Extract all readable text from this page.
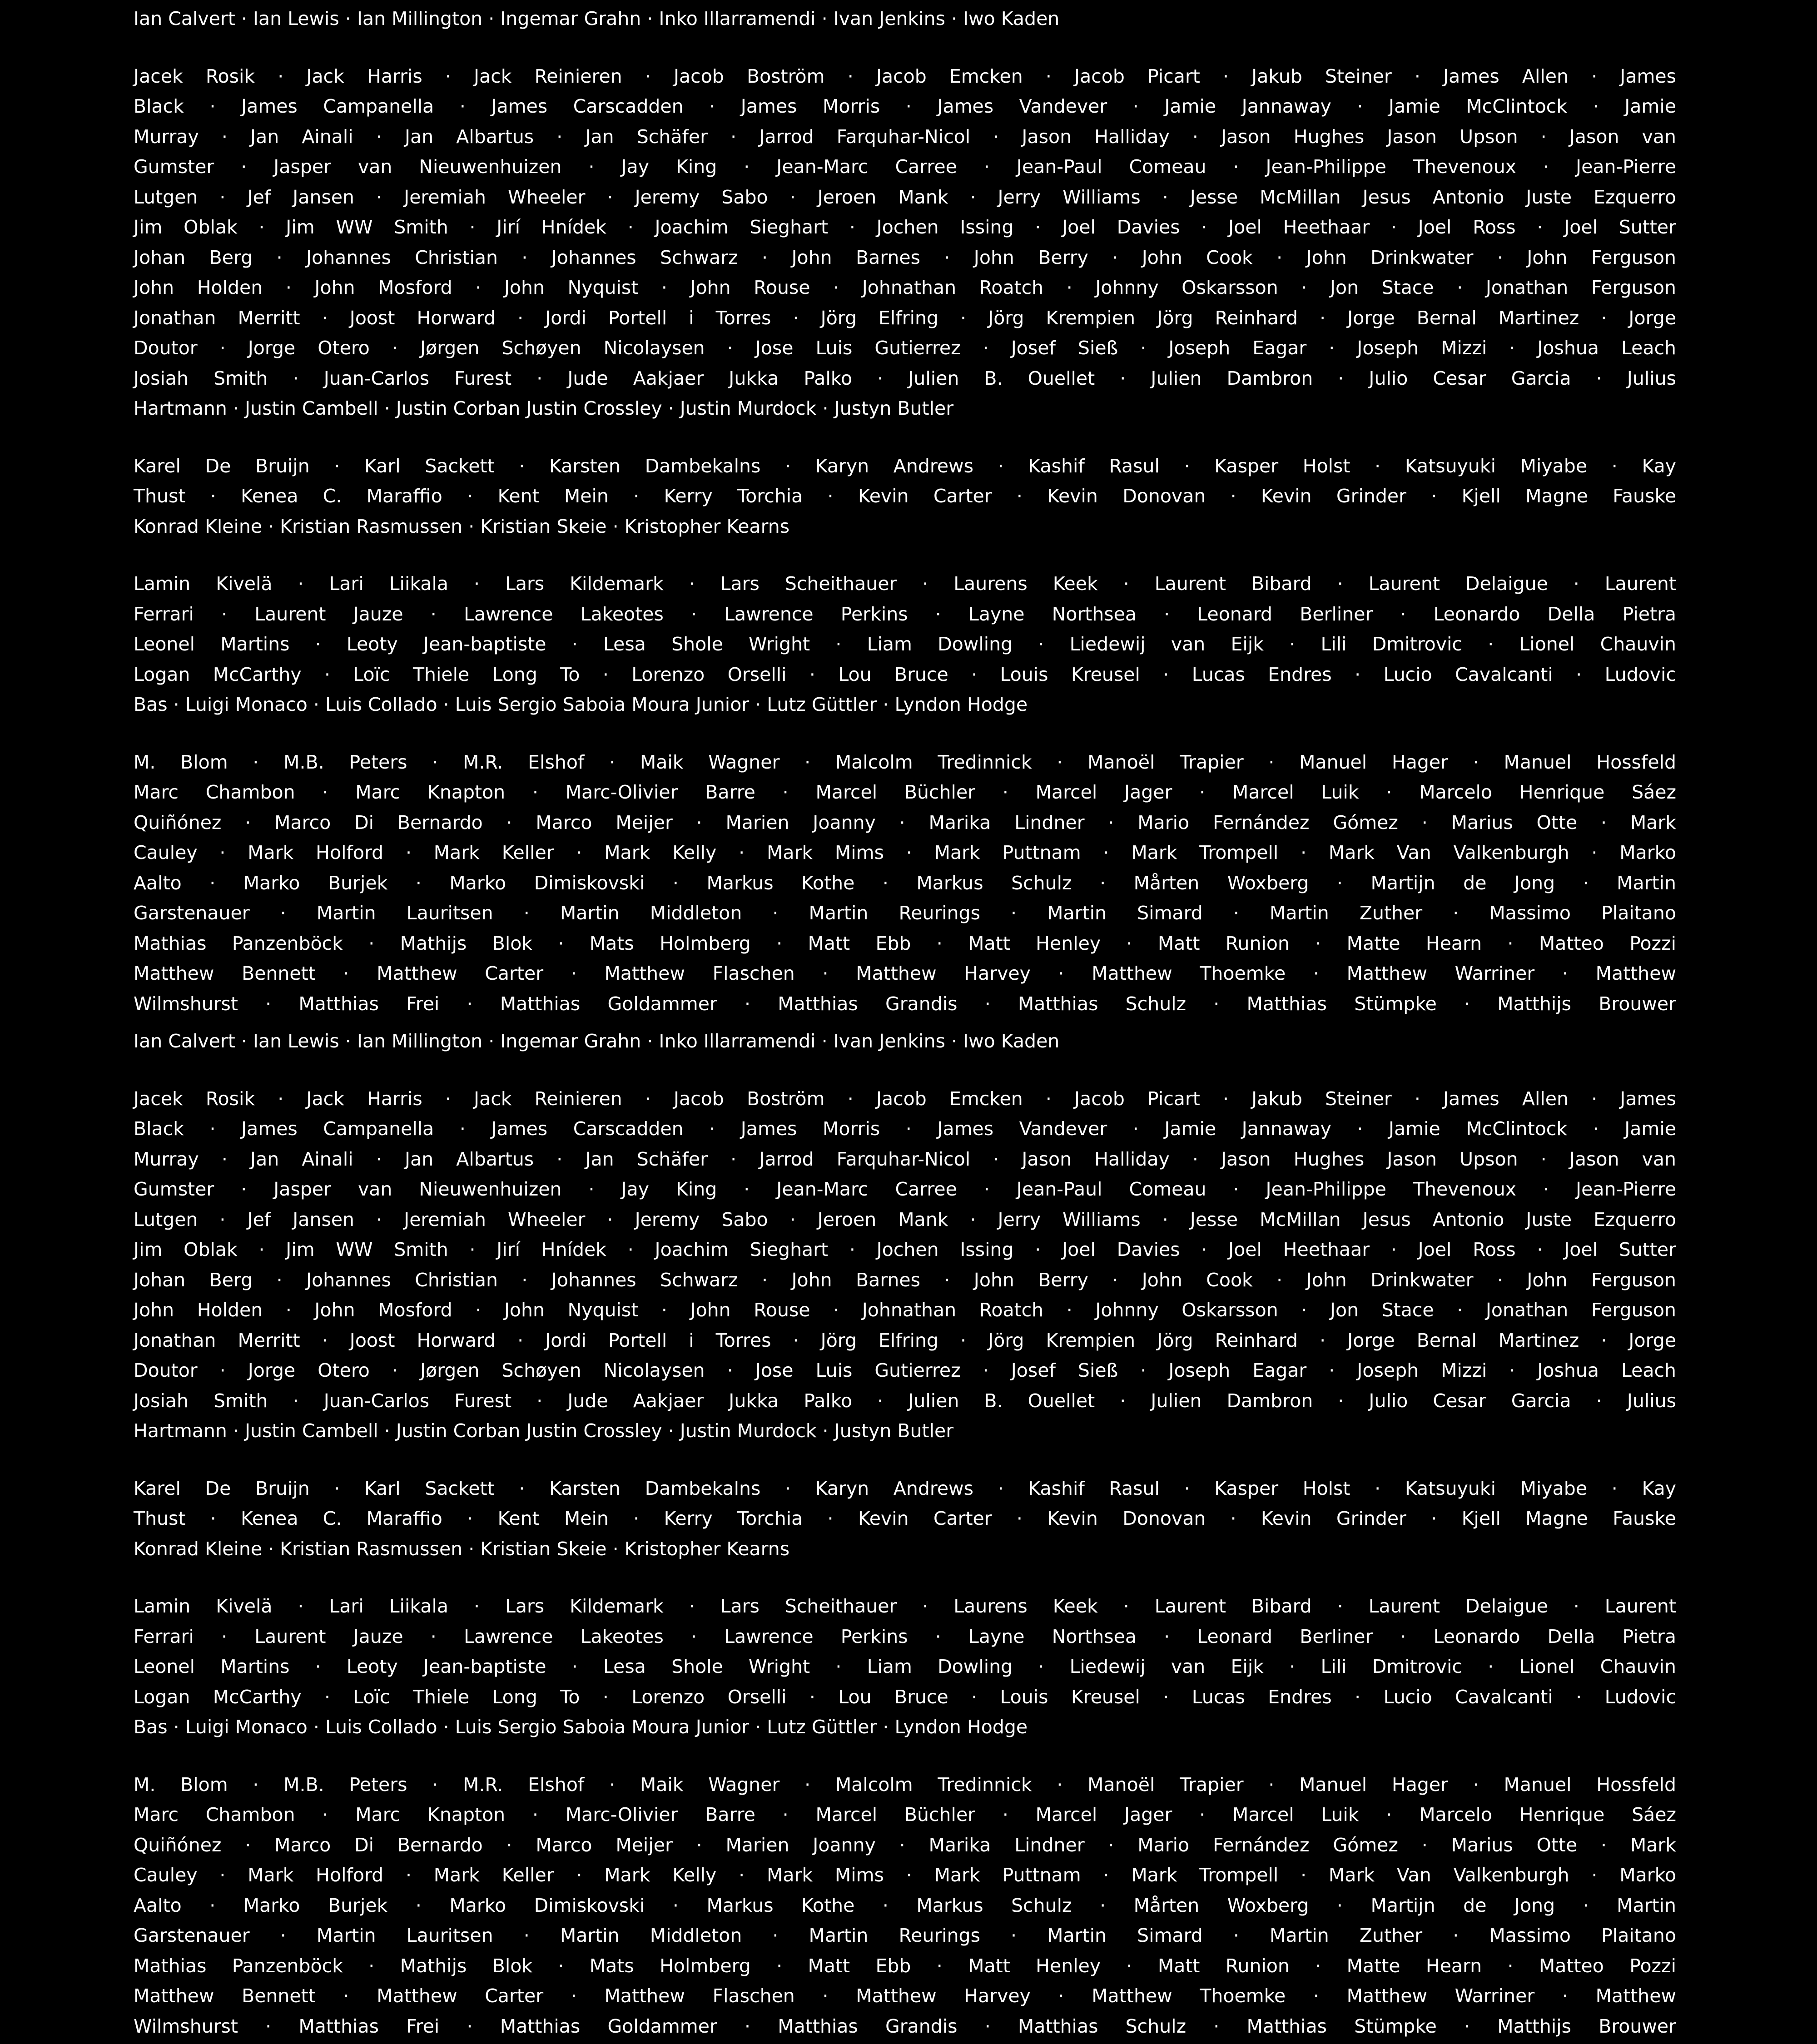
Ian Calvert · Ian Lewis · Ian Millington · Ingemar Grahn · Inko Illarramendi · Ivan Jenkins · Iwo Kaden
Jacek Rosik · Jack Harris · Jack Reinieren · Jacob Boström · Jacob Emcken · Jacob Picart · Jakub Steiner · James Allen · James
Black · James Campanella · James Carscadden · James Morris · James Vandever · Jamie Jannaway · Jamie McClintock · Jamie
Murray · Jan Ainali · Jan Albartus · Jan Schäfer · Jarrod Farquhar-Nicol · Jason Halliday · Jason Hughes Jason Upson · Jason van
Gumster · Jasper van Nieuwenhuizen · Jay King · Jean-Marc Carree · Jean-Paul Comeau · Jean-Philippe Thevenoux · Jean-Pierre
Lutgen · Jef Jansen · Jeremiah Wheeler · Jeremy Sabo · Jeroen Mank · Jerry Williams · Jesse McMillan Jesus Antonio Juste Ezquerro
Jim Oblak · Jim WW Smith · Jirí Hnídek · Joachim Sieghart · Jochen Issing · Joel Davies · Joel Heethaar · Joel Ross · Joel Sutter
Johan Berg · Johannes Christian · Johannes Schwarz · John Barnes · John Berry · John Cook · John Drinkwater · John Ferguson
John Holden · John Mosford · John Nyquist · John Rouse · Johnathan Roatch · Johnny Oskarsson · Jon Stace · Jonathan Ferguson
Jonathan Merritt · Joost Horward · Jordi Portell i Torres · Jörg Elfring · Jörg Krempien Jörg Reinhard · Jorge Bernal Martinez · Jorge
Doutor · Jorge Otero · Jørgen Schøyen Nicolaysen · Jose Luis Gutierrez · Josef Sieß · Joseph Eagar · Joseph Mizzi · Joshua Leach
Josiah Smith · Juan-Carlos Furest · Jude Aakjaer Jukka Palko · Julien B. Ouellet · Julien Dambron · Julio Cesar Garcia · Julius
Hartmann · Justin Cambell · Justin Corban Justin Crossley · Justin Murdock · Justyn Butler
Karel De Bruijn · Karl Sackett · Karsten Dambekalns · Karyn Andrews · Kashif Rasul · Kasper Holst · Katsuyuki Miyabe · Kay
Thust · Kenea C. Maraffio · Kent Mein · Kerry Torchia · Kevin Carter · Kevin Donovan · Kevin Grinder · Kjell Magne Fauske
Konrad Kleine · Kristian Rasmussen · Kristian Skeie · Kristopher Kearns
Lamin Kivelä · Lari Liikala · Lars Kildemark · Lars Scheithauer · Laurens Keek · Laurent Bibard · Laurent Delaigue · Laurent
Ferrari · Laurent Jauze · Lawrence Lakeotes · Lawrence Perkins · Layne Northsea · Leonard Berliner · Leonardo Della Pietra
Leonel Martins · Leoty Jean-baptiste · Lesa Shole Wright · Liam Dowling · Liedewij van Eijk · Lili Dmitrovic · Lionel Chauvin
Logan McCarthy · Loïc Thiele Long To · Lorenzo Orselli · Lou Bruce · Louis Kreusel · Lucas Endres · Lucio Cavalcanti · Ludovic
Bas · Luigi Monaco · Luis Collado · Luis Sergio Saboia Moura Junior · Lutz Güttler · Lyndon Hodge
M. Blom · M.B. Peters · M.R. Elshof · Maik Wagner · Malcolm Tredinnick · Manoël Trapier · Manuel Hager · Manuel Hossfeld
Marc Chambon · Marc Knapton · Marc-Olivier Barre · Marcel Büchler · Marcel Jager · Marcel Luik · Marcelo Henrique Sáez
Quiñónez · Marco Di Bernardo · Marco Meijer · Marien Joanny · Marika Lindner · Mario Fernández Gómez · Marius Otte · Mark
Cauley · Mark Holford · Mark Keller · Mark Kelly · Mark Mims · Mark Puttnam · Mark Trompell · Mark Van Valkenburgh · Marko
Aalto · Marko Burjek · Marko Dimiskovski · Markus Kothe · Markus Schulz · Mårten Woxberg · Martijn de Jong · Martin
Garstenauer · Martin Lauritsen · Martin Middleton · Martin Reurings · Martin Simard · Martin Zuther · Massimo Plaitano
Mathias Panzenböck · Mathijs Blok · Mats Holmberg · Matt Ebb · Matt Henley · Matt Runion · Matte Hearn · Matteo Pozzi
Matthew Bennett · Matthew Carter · Matthew Flaschen · Matthew Harvey · Matthew Thoemke · Matthew Warriner · Matthew
Wilmshurst · Matthias Frei · Matthias Goldammer · Matthias Grandis · Matthias Schulz · Matthias Stümpke · Matthijs Brouwer
Ian Calvert · Ian Lewis · Ian Millington · Ingemar Grahn · Inko Illarramendi · Ivan Jenkins · Iwo Kaden
Jacek Rosik · Jack Harris · Jack Reinieren · Jacob Boström · Jacob Emcken · Jacob Picart · Jakub Steiner · James Allen · James
Black · James Campanella · James Carscadden · James Morris · James Vandever · Jamie Jannaway · Jamie McClintock · Jamie
Murray · Jan Ainali · Jan Albartus · Jan Schäfer · Jarrod Farquhar-Nicol · Jason Halliday · Jason Hughes Jason Upson · Jason van
Gumster · Jasper van Nieuwenhuizen · Jay King · Jean-Marc Carree · Jean-Paul Comeau · Jean-Philippe Thevenoux · Jean-Pierre
Lutgen · Jef Jansen · Jeremiah Wheeler · Jeremy Sabo · Jeroen Mank · Jerry Williams · Jesse McMillan Jesus Antonio Juste Ezquerro
Jim Oblak · Jim WW Smith · Jirí Hnídek · Joachim Sieghart · Jochen Issing · Joel Davies · Joel Heethaar · Joel Ross · Joel Sutter
Johan Berg · Johannes Christian · Johannes Schwarz · John Barnes · John Berry · John Cook · John Drinkwater · John Ferguson
John Holden · John Mosford · John Nyquist · John Rouse · Johnathan Roatch · Johnny Oskarsson · Jon Stace · Jonathan Ferguson
Jonathan Merritt · Joost Horward · Jordi Portell i Torres · Jörg Elfring · Jörg Krempien Jörg Reinhard · Jorge Bernal Martinez · Jorge
Doutor · Jorge Otero · Jørgen Schøyen Nicolaysen · Jose Luis Gutierrez · Josef Sieß · Joseph Eagar · Joseph Mizzi · Joshua Leach
Josiah Smith · Juan-Carlos Furest · Jude Aakjaer Jukka Palko · Julien B. Ouellet · Julien Dambron · Julio Cesar Garcia · Julius
Hartmann · Justin Cambell · Justin Corban Justin Crossley · Justin Murdock · Justyn Butler
Karel De Bruijn · Karl Sackett · Karsten Dambekalns · Karyn Andrews · Kashif Rasul · Kasper Holst · Katsuyuki Miyabe · Kay
Thust · Kenea C. Maraffio · Kent Mein · Kerry Torchia · Kevin Carter · Kevin Donovan · Kevin Grinder · Kjell Magne Fauske
Konrad Kleine · Kristian Rasmussen · Kristian Skeie · Kristopher Kearns
Lamin Kivelä · Lari Liikala · Lars Kildemark · Lars Scheithauer · Laurens Keek · Laurent Bibard · Laurent Delaigue · Laurent
Ferrari · Laurent Jauze · Lawrence Lakeotes · Lawrence Perkins · Layne Northsea · Leonard Berliner · Leonardo Della Pietra
Leonel Martins · Leoty Jean-baptiste · Lesa Shole Wright · Liam Dowling · Liedewij van Eijk · Lili Dmitrovic · Lionel Chauvin
Logan McCarthy · Loïc Thiele Long To · Lorenzo Orselli · Lou Bruce · Louis Kreusel · Lucas Endres · Lucio Cavalcanti · Ludovic
Bas · Luigi Monaco · Luis Collado · Luis Sergio Saboia Moura Junior · Lutz Güttler · Lyndon Hodge
M. Blom · M.B. Peters · M.R. Elshof · Maik Wagner · Malcolm Tredinnick · Manoël Trapier · Manuel Hager · Manuel Hossfeld
Marc Chambon · Marc Knapton · Marc-Olivier Barre · Marcel Büchler · Marcel Jager · Marcel Luik · Marcelo Henrique Sáez
Quiñónez · Marco Di Bernardo · Marco Meijer · Marien Joanny · Marika Lindner · Mario Fernández Gómez · Marius Otte · Mark
Cauley · Mark Holford · Mark Keller · Mark Kelly · Mark Mims · Mark Puttnam · Mark Trompell · Mark Van Valkenburgh · Marko
Aalto · Marko Burjek · Marko Dimiskovski · Markus Kothe · Markus Schulz · Mårten Woxberg · Martijn de Jong · Martin
Garstenauer · Martin Lauritsen · Martin Middleton · Martin Reurings · Martin Simard · Martin Zuther · Massimo Plaitano
Mathias Panzenböck · Mathijs Blok · Mats Holmberg · Matt Ebb · Matt Henley · Matt Runion · Matte Hearn · Matteo Pozzi
Matthew Bennett · Matthew Carter · Matthew Flaschen · Matthew Harvey · Matthew Thoemke · Matthew Warriner · Matthew
Wilmshurst · Matthias Frei · Matthias Goldammer · Matthias Grandis · Matthias Schulz · Matthias Stümpke · Matthijs Brouwer
